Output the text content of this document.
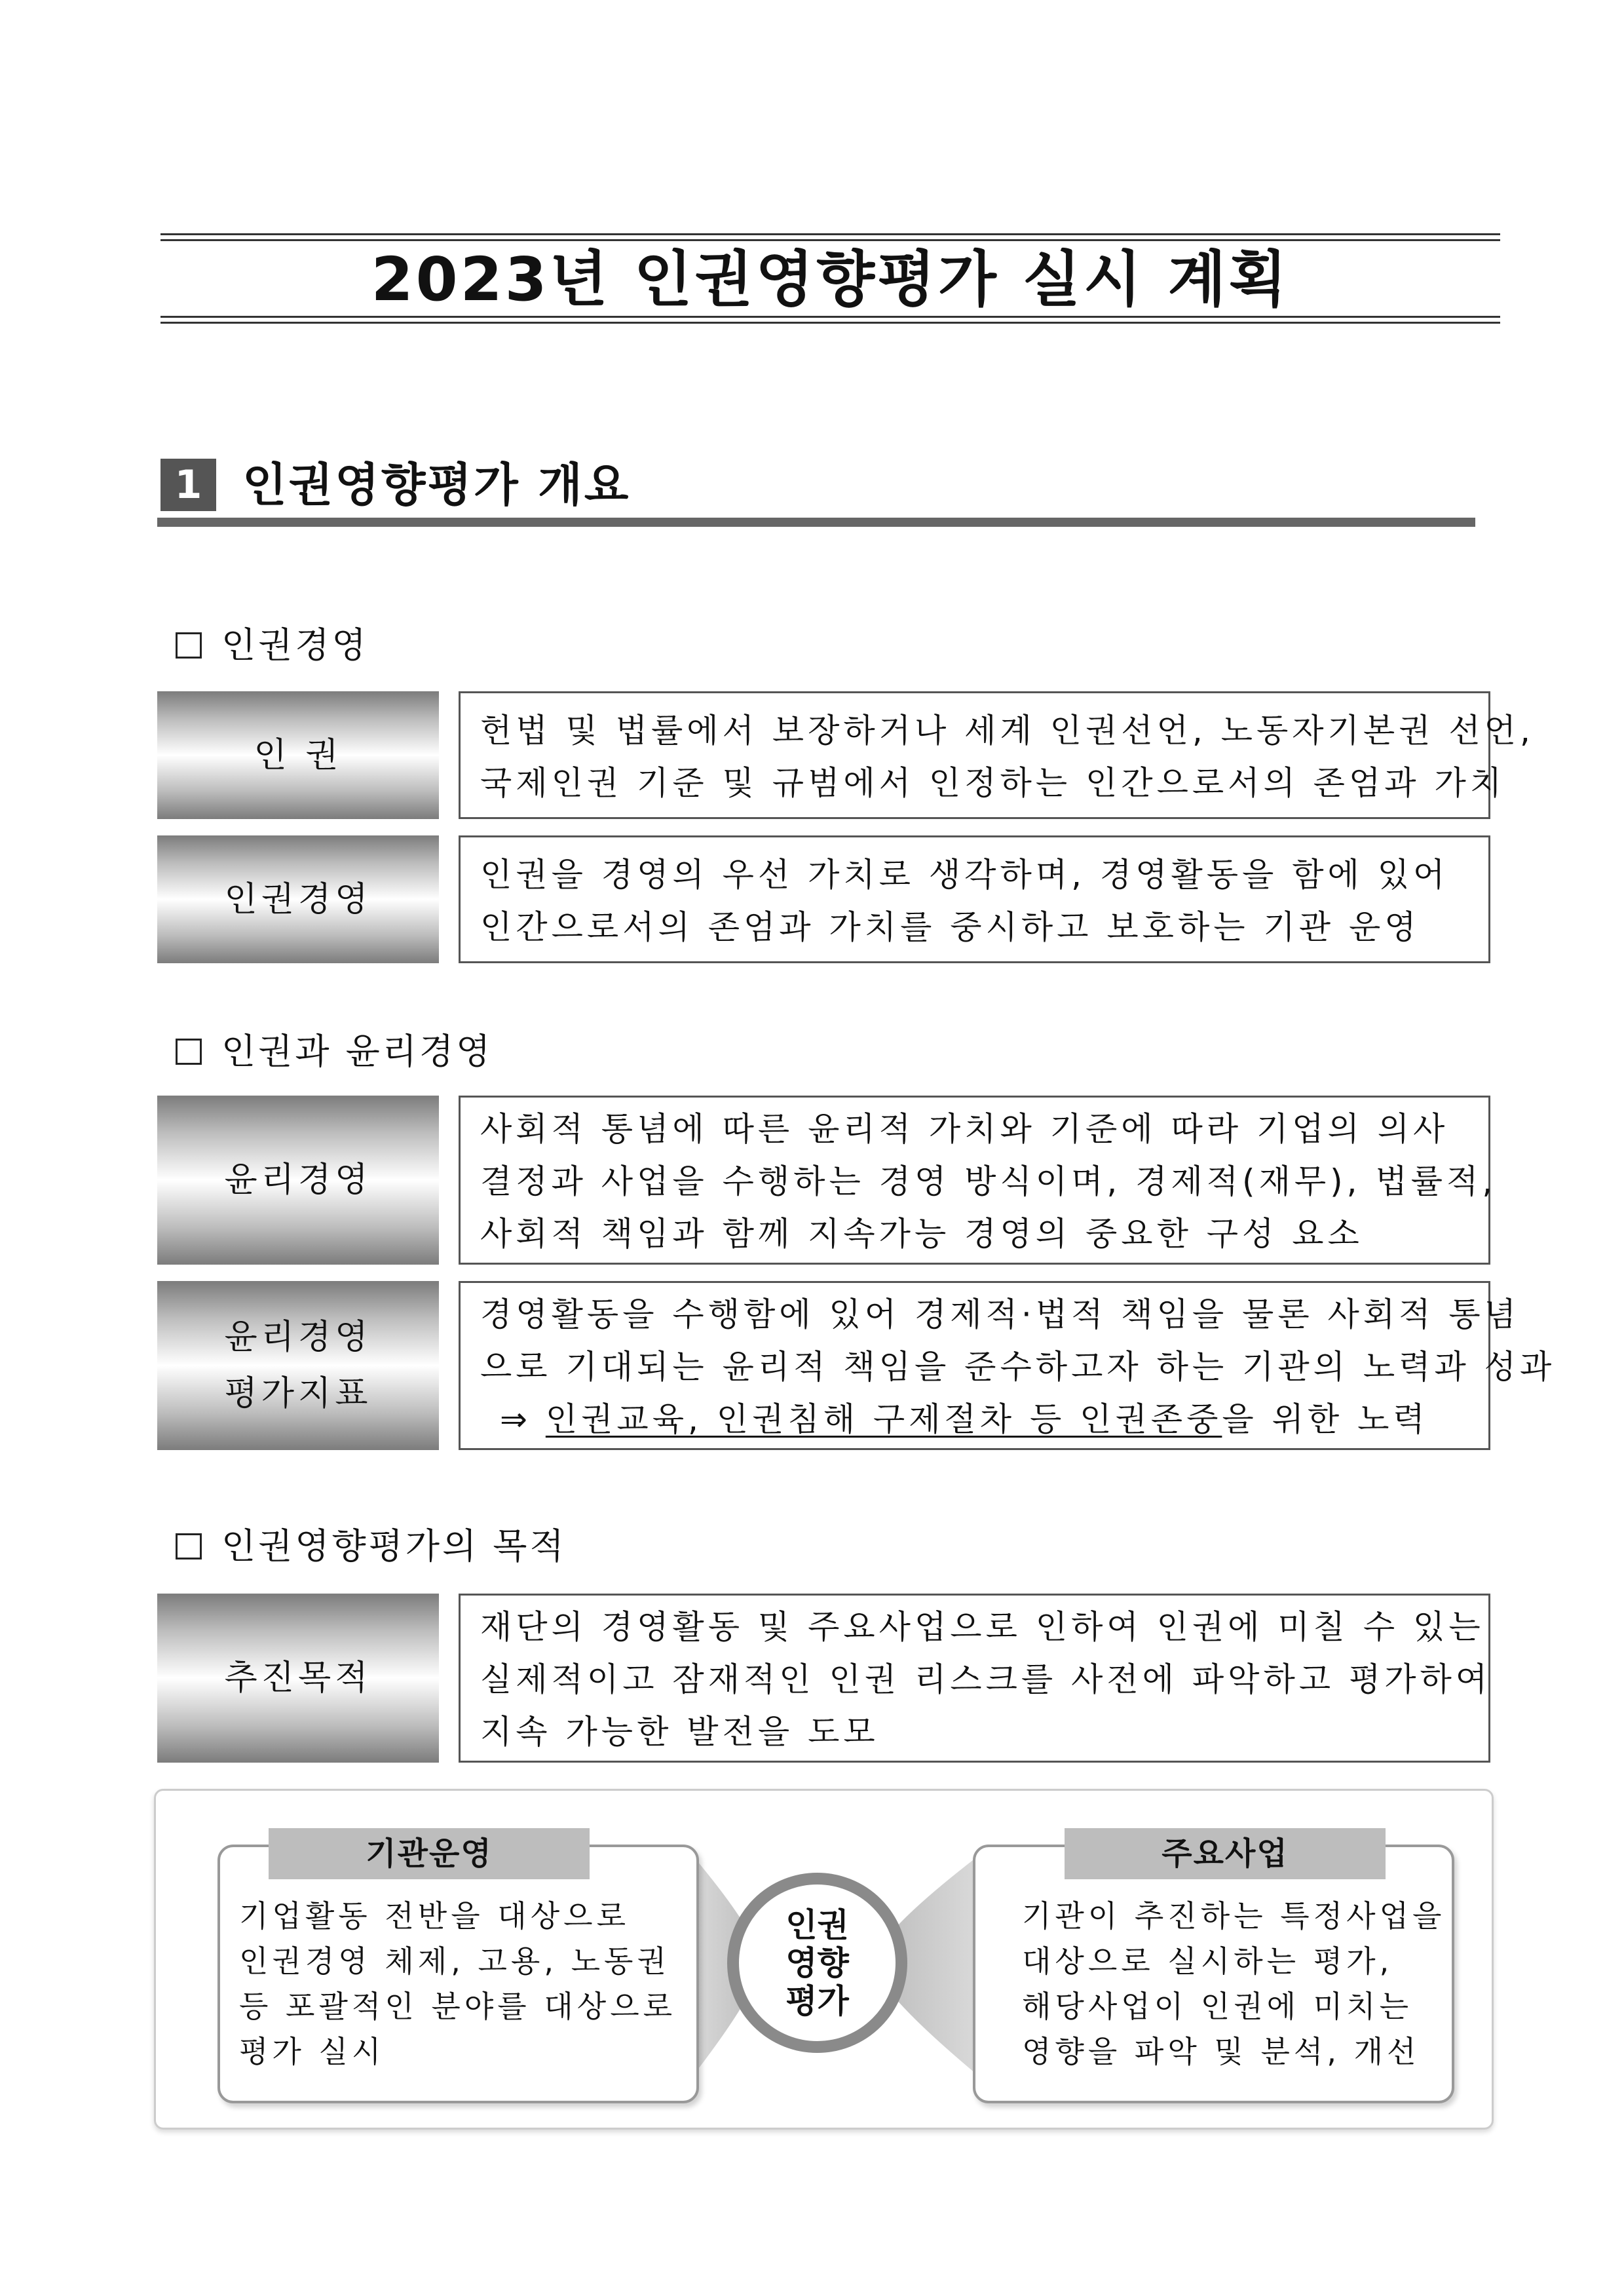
2023년 인권영향평가 실시 계획
1 인권영향평가 개요
인권경영
인 권
헌법 및 법률에서 보장하거나 세계 인권선언, 노동자기본권 선언,
국제인권 기준 및 규범에서 인정하는 인간으로서의 존엄과 가치
인권경영
인권을 경영의 우선 가치로 생각하며, 경영활동을 함에 있어
인간으로서의 존엄과 가치를 중시하고 보호하는 기관 운영
인권과 윤리경영
윤리경영
사회적 통념에 따른 윤리적 가치와 기준에 따라 기업의 의사
결정과 사업을 수행하는 경영 방식이며, 경제적(재무), 법률적,
사회적 책임과 함께 지속가능 경영의 중요한 구성 요소
윤리경영
평가지표
경영활동을 수행함에 있어 경제적·법적 책임을 물론 사회적 통념
으로 기대되는 윤리적 책임을 준수하고자 하는 기관의 노력과 성과
⇒ 인권교육, 인권침해 구제절차 등 인권존중을 위한 노력
인권영향평가의 목적
추진목적
재단의 경영활동 및 주요사업으로 인하여 인권에 미칠 수 있는
실제적이고 잠재적인 인권 리스크를 사전에 파악하고 평가하여
지속 가능한 발전을 도모
기관운영	주요사업
기업활동 전반을 대상으로
인권경영 체제, 고용, 노동권
등 포괄적인 분야를 대상으로
평가 실시
기관이 추진하는 특정사업을
대상으로 실시하는 평가,
해당사업이 인권에 미치는
영향을 파악 및 분석, 개선
인권
영향
평가
